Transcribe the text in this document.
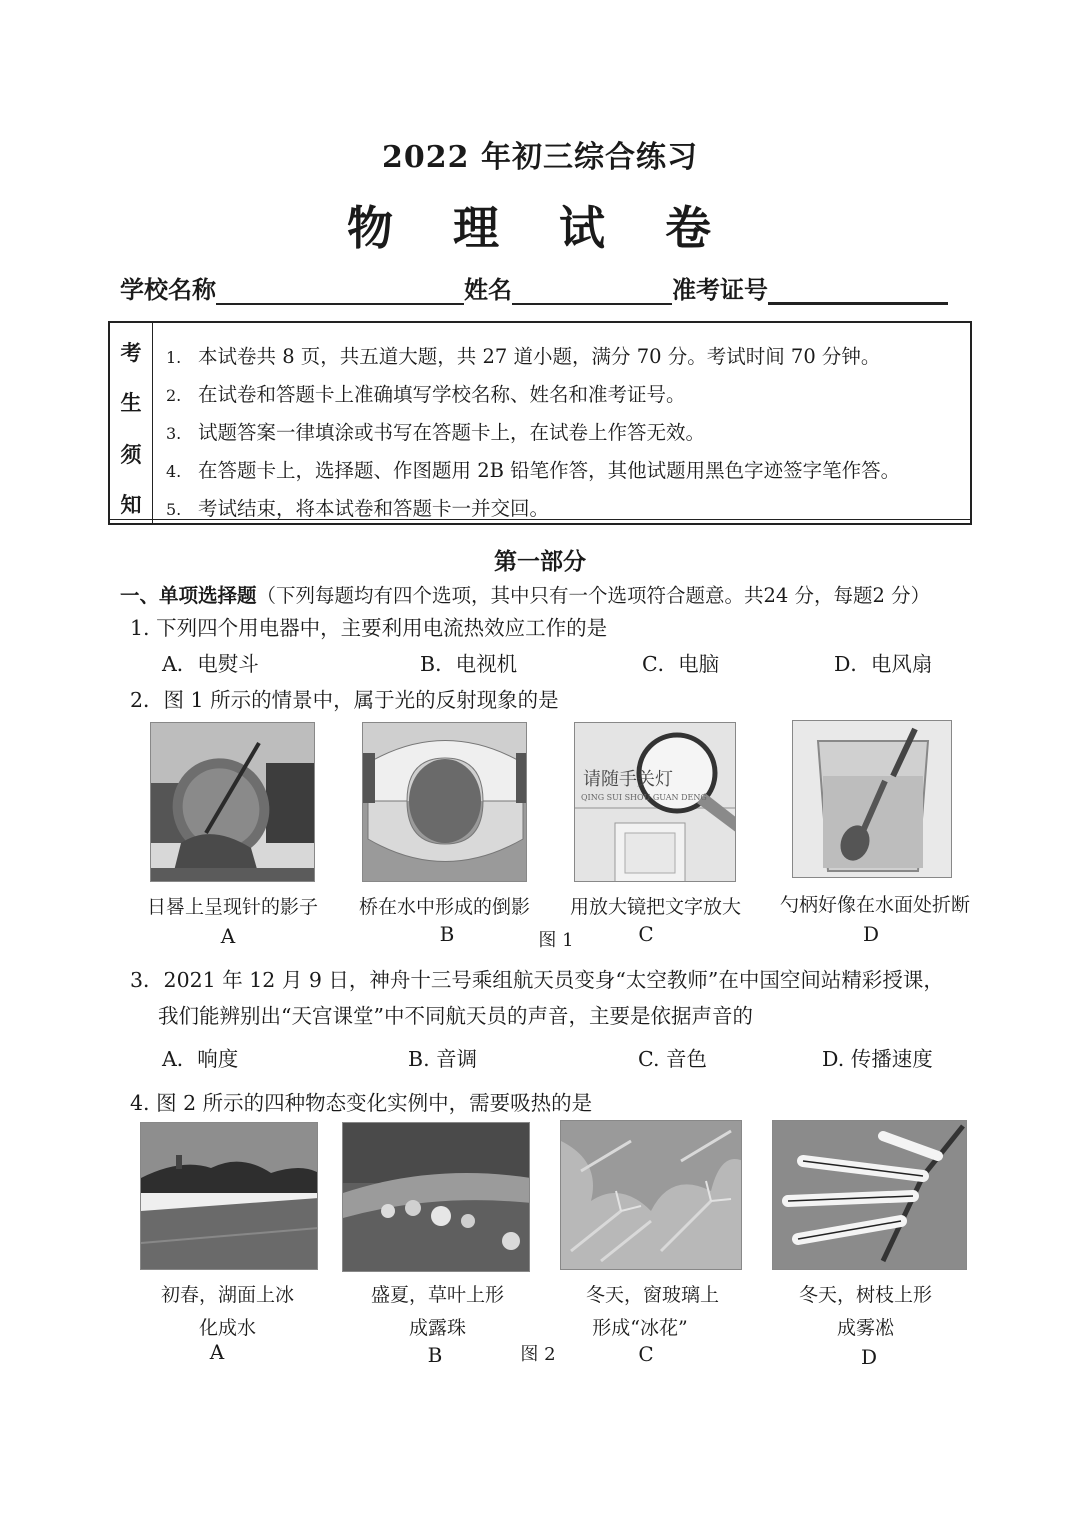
2022 年初三综合练习
物 理 试 卷
学校名称	姓名	准考证号
考
生
须
知
1. 本试卷共 8 页，共五道大题，共 27 道小题，满分 70 分。考试时间 70 分钟。
2. 在试卷和答题卡上准确填写学校名称、姓名和准考证号。
3. 试题答案一律填涂或书写在答题卡上，在试卷上作答无效。
4. 在答题卡上，选择题、作图题用 2B 铅笔作答，其他试题用黑色字迹签字笔作答。
5. 考试结束，将本试卷和答题卡一并交回。
第一部分
一、单项选择题（下列每题均有四个选项，其中只有一个选项符合题意。共24 分，每题2 分）
1. 下列四个用电器中，主要利用电流热效应工作的是
A．电熨斗	B．电视机	C．电脑	D．电风扇
2．图 1 所示的情景中，属于光的反射现象的是
请随手关灯
QING SUI SHOU GUAN DENG
日晷上呈现针的影子	桥在水中形成的倒影	用放大镜把文字放大	勺柄好像在水面处折断
A	B	图 1	C	D
3．2021 年 12 月 9 日，神舟十三号乘组航天员变身“太空教师”在中国空间站精彩授课，
我们能辨别出“天宫课堂”中不同航天员的声音，主要是依据声音的
A．响度	B. 音调	C. 音色	D. 传播速度
4. 图 2 所示的四种物态变化实例中，需要吸热的是
初春，湖面上冰
化成水
盛夏，草叶上形
成露珠
冬天，窗玻璃上
形成“冰花”
冬天，树枝上形
成雾凇
A	B	图 2	C	D
